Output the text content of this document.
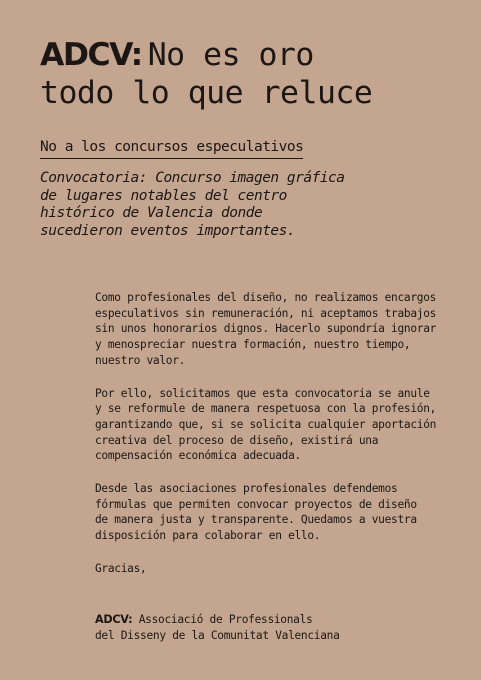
ADCV: No es oro
todo lo que reluce
No a los concursos especulativos

Convocatoria: Concurso imagen gráfica
de lugares notables del centro
histórico de Valencia donde
sucedieron eventos importantes.

Como profesionales del diseño, no realizamos encargos
especulativos sin remuneración, ni aceptamos trabajos
sin unos honorarios dignos. Hacerlo supondría ignorar
y menospreciar nuestra formación, nuestro tiempo,
nuestro valor.

Por ello, solicitamos que esta convocatoria se anule
y se reformule de manera respetuosa con la profesión,
garantizando que, si se solicita cualquier aportación
creativa del proceso de diseño, existirá una
compensación económica adecuada.

Desde las asociaciones profesionales defendemos
fórmulas que permiten convocar proyectos de diseño
de manera justa y transparente. Quedamos a vuestra
disposición para colaborar en ello.

Gracias,

ADCV: Associació de Professionals
del Disseny de la Comunitat Valenciana
